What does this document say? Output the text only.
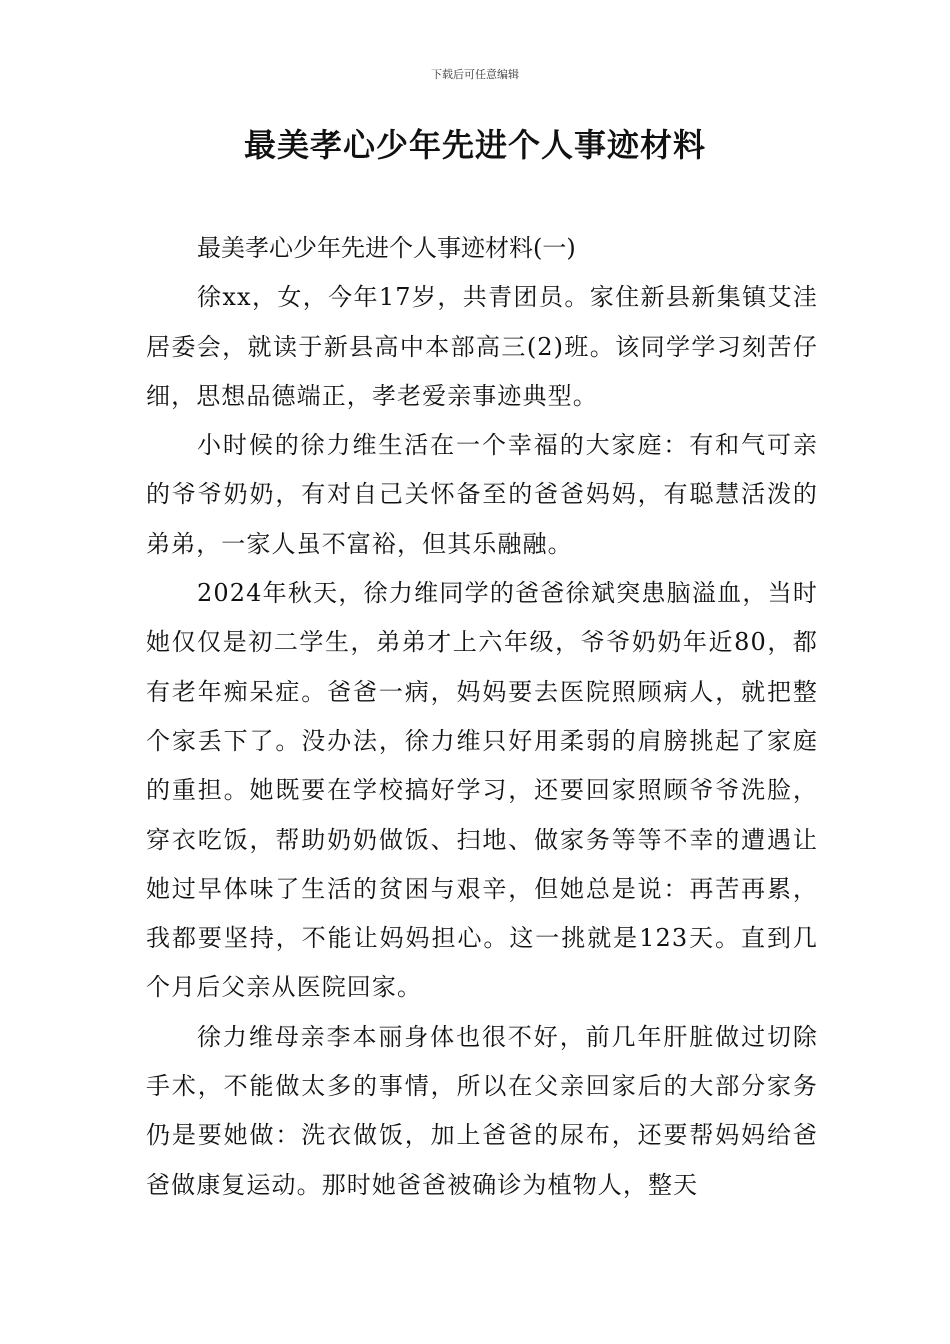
下载后可任意编辑
最美孝心少年先进个人事迹材料

最美孝心少年先进个人事迹材料(一)

徐xx，女，今年17岁，共青团员。家住新县新集镇艾洼居委会，就读于新县高中本部高三(2)班。该同学学习刻苦仔细，思想品德端正，孝老爱亲事迹典型。

小时候的徐力维生活在一个幸福的大家庭：有和气可亲的爷爷奶奶，有对自己关怀备至的爸爸妈妈，有聪慧活泼的弟弟，一家人虽不富裕，但其乐融融。

2024年秋天，徐力维同学的爸爸徐斌突患脑溢血，当时她仅仅是初二学生，弟弟才上六年级，爷爷奶奶年近80，都有老年痴呆症。爸爸一病，妈妈要去医院照顾病人，就把整个家丢下了。没办法，徐力维只好用柔弱的肩膀挑起了家庭的重担。她既要在学校搞好学习，还要回家照顾爷爷洗脸，穿衣吃饭，帮助奶奶做饭、扫地、做家务等等不幸的遭遇让她过早体味了生活的贫困与艰辛，但她总是说：再苦再累，我都要坚持，不能让妈妈担心。这一挑就是123天。直到几个月后父亲从医院回家。

徐力维母亲李本丽身体也很不好，前几年肝脏做过切除手术，不能做太多的事情，所以在父亲回家后的大部分家务仍是要她做：洗衣做饭，加上爸爸的尿布，还要帮妈妈给爸爸做康复运动。那时她爸爸被确诊为植物人，整天
